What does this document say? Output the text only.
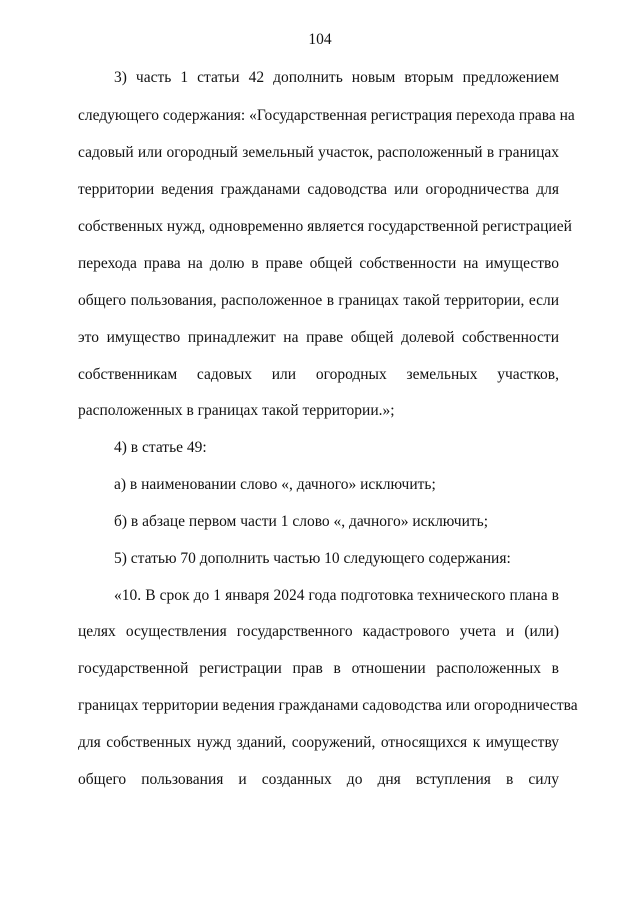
104
3) часть 1 статьи 42 дополнить новым вторым предложением
следующего содержания: «Государственная регистрация перехода права на
садовый или огородный земельный участок, расположенный в границах
территории ведения гражданами садоводства или огородничества для
собственных нужд, одновременно является государственной регистрацией
перехода права на долю в праве общей собственности на имущество
общего пользования, расположенное в границах такой территории, если
это имущество принадлежит на праве общей долевой собственности
собственникам садовых или огородных земельных участков,
расположенных в границах такой территории.»;
4) в статье 49:
а) в наименовании слово «, дачного» исключить;
б) в абзаце первом части 1 слово «, дачного» исключить;
5) статью 70 дополнить частью 10 следующего содержания:
«10. В срок до 1 января 2024 года подготовка технического плана в
целях осуществления государственного кадастрового учета и (или)
государственной регистрации прав в отношении расположенных в
границах территории ведения гражданами садоводства или огородничества
для собственных нужд зданий, сооружений, относящихся к имуществу
общего пользования и созданных до дня вступления в силу
